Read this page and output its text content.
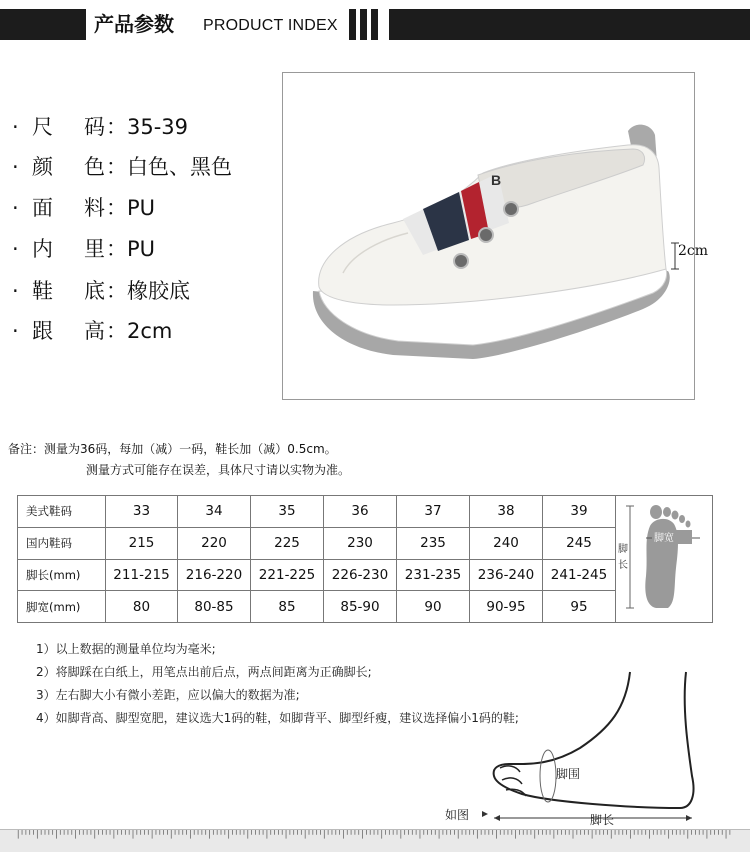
产品参数 PRODUCT INDEX
· 尺 码：35-39
· 颜 色：白色、黑色
· 面 料：PU
· 内 里：PU
· 鞋 底：橡胶底
· 跟 高：2cm
B
2cm
备注：测量为36码，每加（减）一码，鞋长加（减）0.5cm。
测量方式可能存在误差，具体尺寸请以实物为准。
美式鞋码	33	34	35	36	37	38	39	脚
长
脚宽

国内鞋码	215	220	225	230	235	240	245	
脚长(mm)	211-215	216-220	221-225	226-230	231-235	236-240	241-245	
脚宽(mm)	80	80-85	85	85-90	90	90-95	95	
1）以上数据的测量单位均为毫米;
2）将脚踩在白纸上，用笔点出前后点，两点间距离为正确脚长;
3）左右脚大小有微小差距，应以偏大的数据为准;
4）如脚背高、脚型宽肥，建议选大1码的鞋，如脚背平、脚型纤瘦，建议选择偏小1码的鞋;
脚围
脚长
如图
